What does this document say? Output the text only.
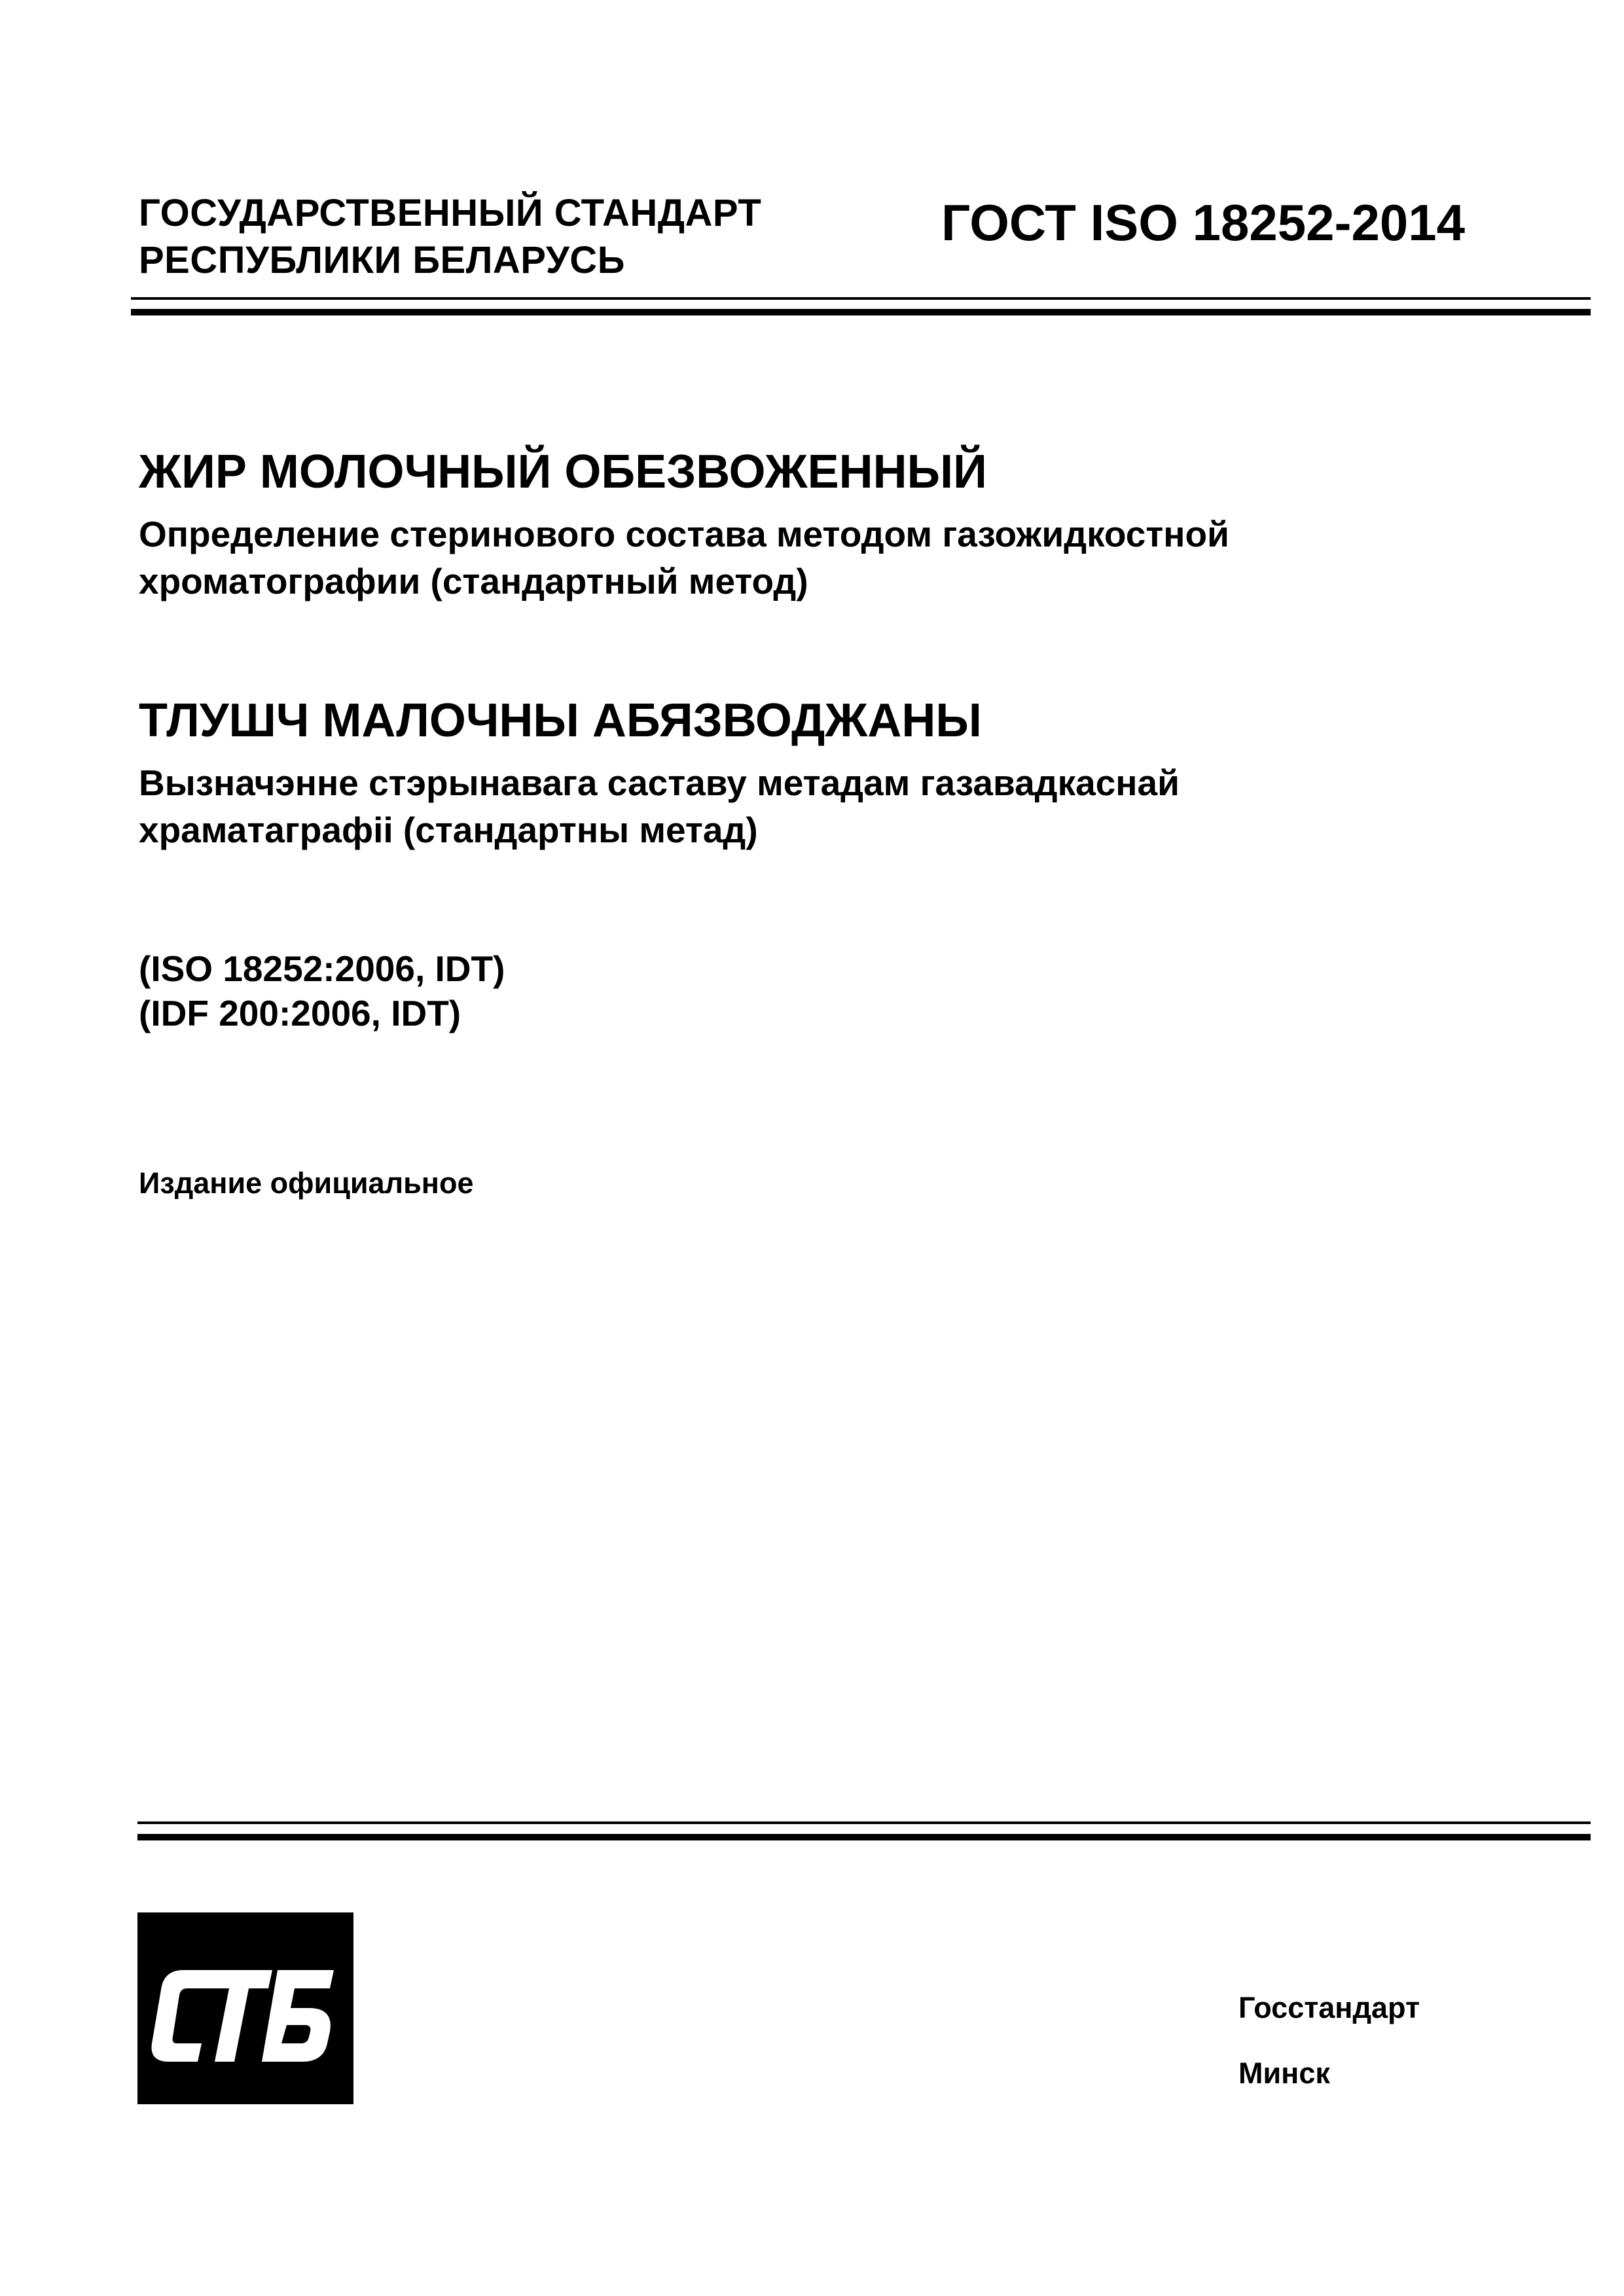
ГОСУДАРСТВЕННЫЙ СТАНДАРТ
РЕСПУБЛИКИ БЕЛАРУСЬ
ГОСТ ISO 18252-2014
ЖИР МОЛОЧНЫЙ ОБЕЗВОЖЕННЫЙ
Определение стеринового состава методом газожидкостной
хроматографии (стандартный метод)
ТЛУШЧ МАЛОЧНЫ АБЯЗВОДЖАНЫ
Вызначэнне стэрынавага саставу метадам газавадкаснай
храматаграфіі (стандартны метад)
(ISO 18252:2006, IDT)
(IDF 200:2006, IDT)
Издание официальное
Госстандарт
Минск
